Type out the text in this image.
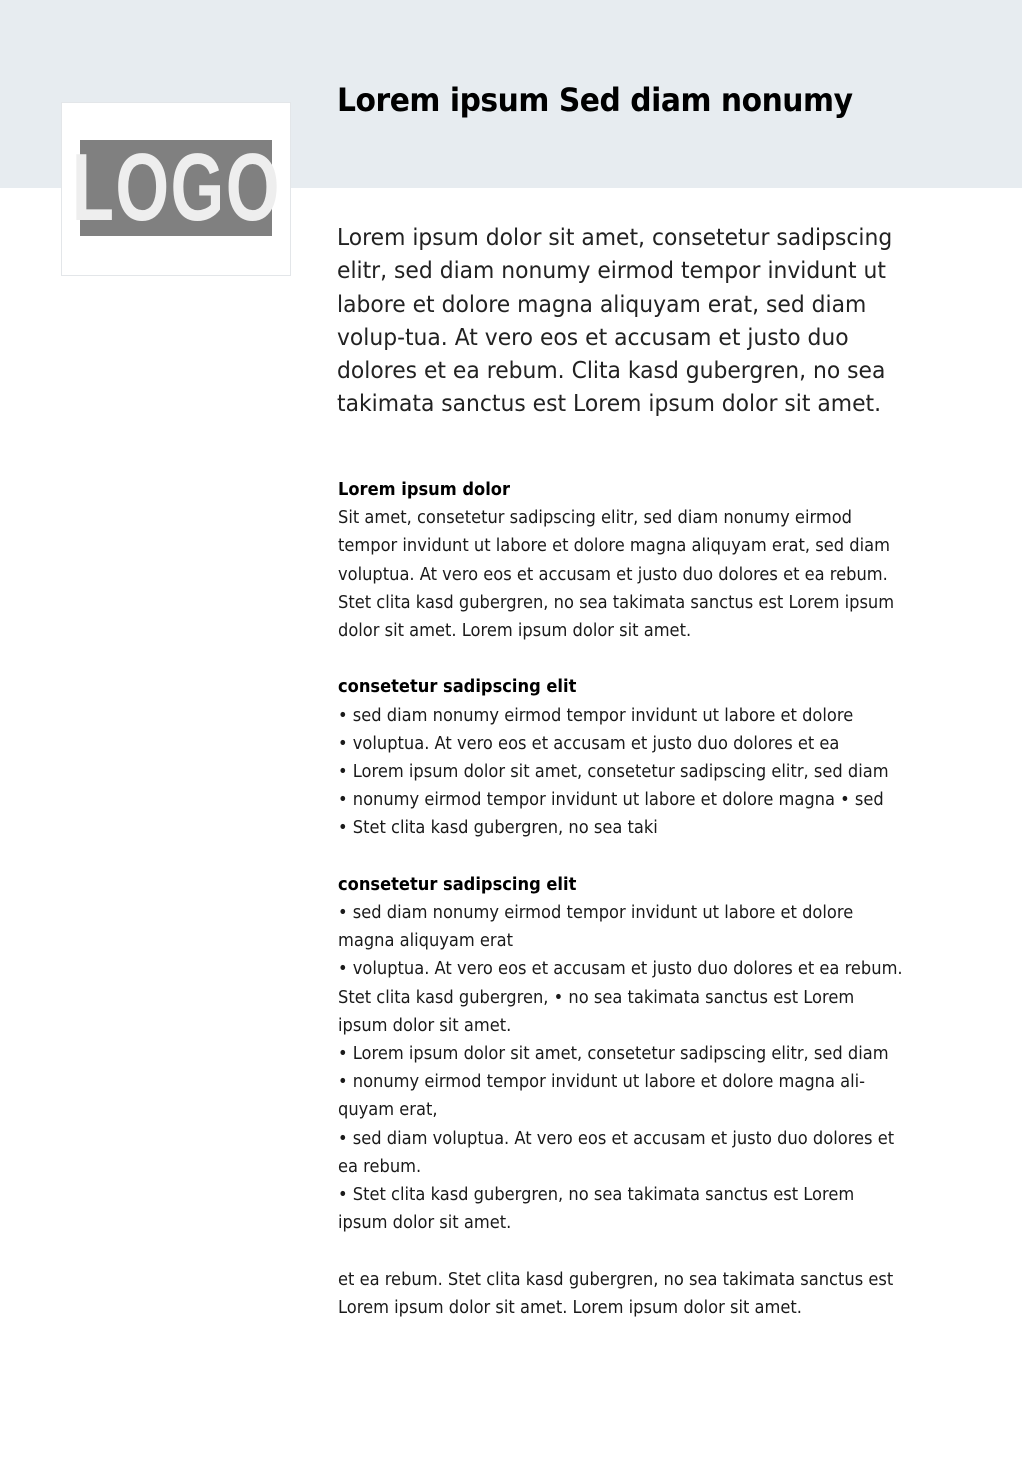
LOGO
Lorem ipsum Sed diam nonumy

Lorem ipsum dolor sit amet, consetetur sadipscing elitr, sed diam nonumy eirmod tempor invidunt ut labore et dolore magna aliquyam erat, sed diam volup-tua. At vero eos et accusam et justo duo dolores et ea rebum. Clita kasd gubergren, no sea takimata sanctus est Lorem ipsum dolor sit amet.

Lorem ipsum dolor

Sit amet, consetetur sadipscing elitr, sed diam nonumy eirmod tempor invidunt ut labore et dolore magna aliquyam erat, sed diam voluptua. At vero eos et accusam et justo duo dolores et ea rebum. Stet clita kasd gubergren, no sea takimata sanctus est Lorem ipsum dolor sit amet. Lorem ipsum dolor sit amet.

consetetur sadipscing elit
• sed diam nonumy eirmod tempor invidunt ut labore et dolore
• voluptua. At vero eos et accusam et justo duo dolores et ea
• Lorem ipsum dolor sit amet, consetetur sadipscing elitr, sed diam
• nonumy eirmod tempor invidunt ut labore et dolore magna • sed
• Stet clita kasd gubergren, no sea taki
consetetur sadipscing elit
• sed diam nonumy eirmod tempor invidunt ut labore et dolore magna aliquyam erat
• voluptua. At vero eos et accusam et justo duo dolores et ea rebum. Stet clita kasd gubergren, • no sea takimata sanctus est Lorem ipsum dolor sit amet.
• Lorem ipsum dolor sit amet, consetetur sadipscing elitr, sed diam
• nonumy eirmod tempor invidunt ut labore et dolore magna ali-quyam erat,
• sed diam voluptua. At vero eos et accusam et justo duo dolores et ea rebum.
• Stet clita kasd gubergren, no sea takimata sanctus est Lorem ipsum dolor sit amet.

et ea rebum. Stet clita kasd gubergren, no sea takimata sanctus est Lorem ipsum dolor sit amet. Lorem ipsum dolor sit amet.
